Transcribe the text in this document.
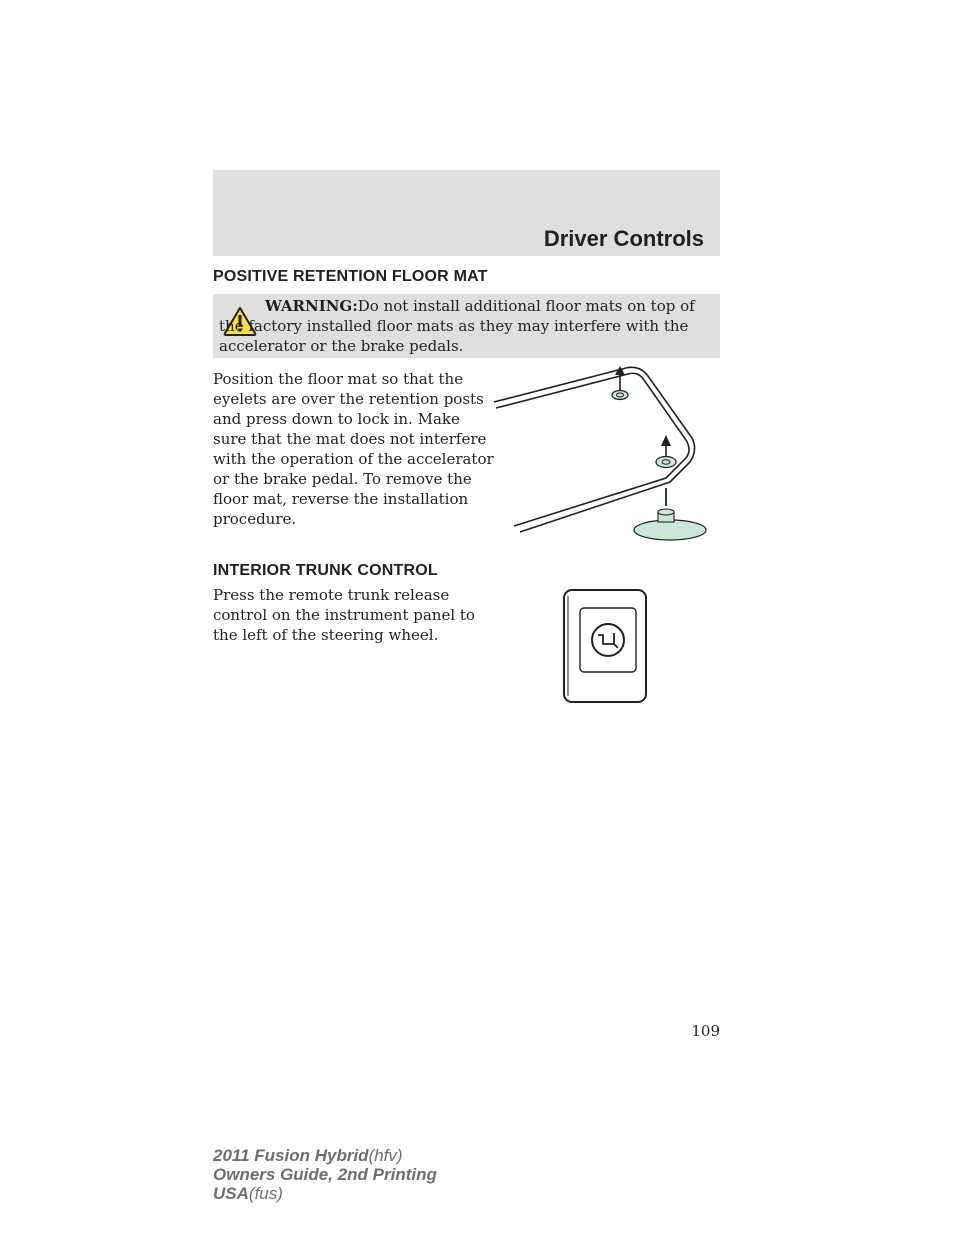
Driver Controls
POSITIVE RETENTION FLOOR MAT
WARNING:Do not install additional floor mats on top of the factory installed floor mats as they may interfere with the accelerator or the brake pedals.
Position the floor mat so that the
eyelets are over the retention posts
and press down to lock in. Make
sure that the mat does not interfere
with the operation of the accelerator
or the brake pedal. To remove the
floor mat, reverse the installation
procedure.
INTERIOR TRUNK CONTROL
Press the remote trunk release
control on the instrument panel to
the left of the steering wheel.
109
2011 Fusion Hybrid(hfv)
Owners Guide, 2nd Printing
USA(fus)
